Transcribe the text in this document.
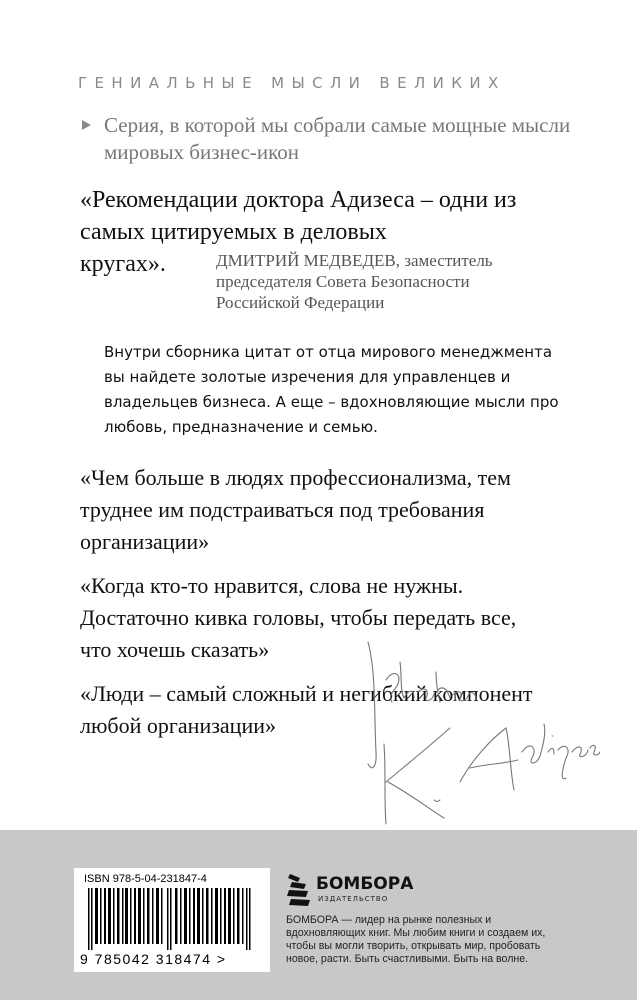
ГЕНИАЛЬНЫЕ МЫСЛИ ВЕЛИКИХ
Серия, в которой мы собрали самые мощные мысли мировых бизнес-икон
«Рекомендации доктора Адизеса – одни из самых цитируемых в деловых
кругах».	ДМИТРИЙ МЕДВЕДЕВ, заместитель председателя Совета Безопасности Российской Федерации
Внутри сборника цитат от отца мирового менеджмента вы найдете золотые изречения для управленцев и владельцев бизнеса. А еще – вдохновляющие мысли про любовь, предназначение и семью.
«Чем больше в людях профессионализма, тем труднее им подстраиваться под требования организации»
«Когда кто-то нравится, слова не нужны. Достаточно кивка головы, чтобы передать все, что хочешь сказать»
«Люди – самый сложный и негибкий компонент любой организации»
ISBN 978-5-04-231847-4
9 785042 318474 >
БОМБОРА
ИЗДАТЕЛЬСТВО
БОМБОРА — лидер на рынке полезных и вдохновляющих книг. Мы любим книги и создаем их, чтобы вы могли творить, открывать мир, пробовать новое, расти. Быть счастливыми. Быть на волне.
